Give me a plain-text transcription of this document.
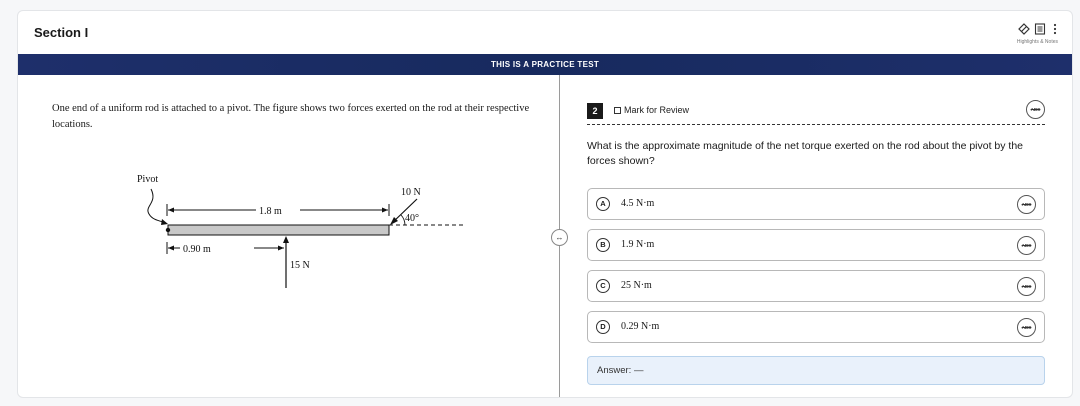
Section I
Highlights & Notes
THIS IS A PRACTICE TEST
One end of a uniform rod is attached to a pivot. The figure shows two forces exerted on the rod at their respective locations.
Pivot
1.8 m
10 N
40°
0.90 m
15 N
↔
2	Mark for Review	ABC
What is the approximate magnitude of the net torque exerted on the rod about the pivot by the forces shown?
A	4.5 N·m	ABC
B	1.9 N·m	ABC
C	25 N·m	ABC
D	0.29 N·m	ABC
Answer: —
